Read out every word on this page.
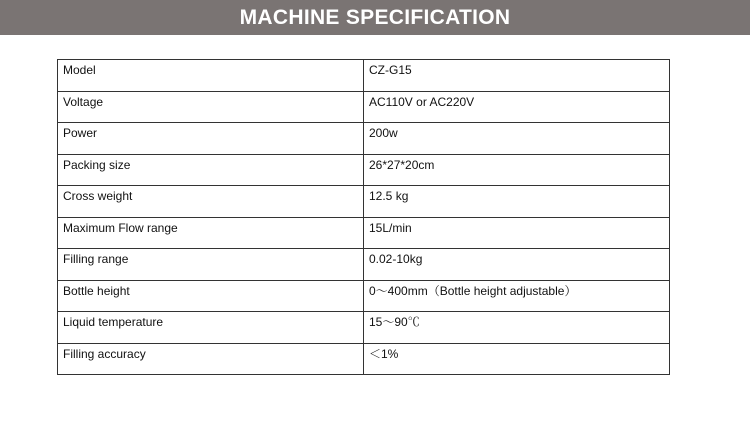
MACHINE SPECIFICATION
Model	CZ-G15
Voltage	AC110V or AC220V
Power	200w
Packing size	26*27*20cm
Cross weight	12.5 kg
Maximum Flow range	15L/min
Filling range	0.02-10kg
Bottle height	0～400mm（Bottle height adjustable）
Liquid temperature	15～90℃
Filling accuracy	＜1%
